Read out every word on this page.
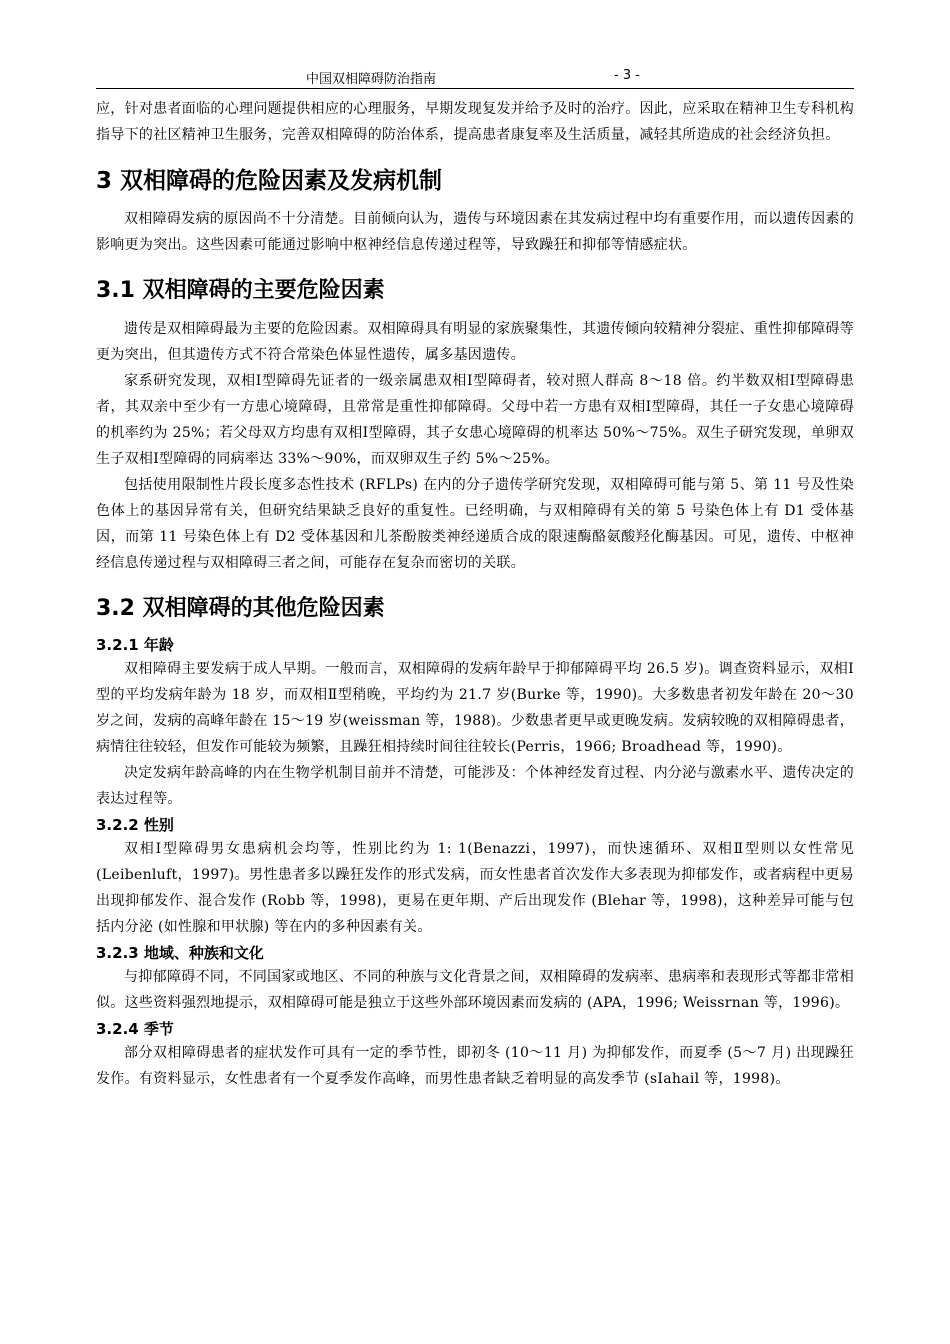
中国双相障碍防治指南	- 3 -

应，针对患者面临的心理问题提供相应的心理服务，早期发现复发并给予及时的治疗。因此，应采取在精神卫生专科机构指导下的社区精神卫生服务，完善双相障碍的防治体系，提高患者康复率及生活质量，减轻其所造成的社会经济负担。

3 双相障碍的危险因素及发病机制

双相障碍发病的原因尚不十分清楚。目前倾向认为，遗传与环境因素在其发病过程中均有重要作用，而以遗传因素的影响更为突出。这些因素可能通过影响中枢神经信息传递过程等，导致躁狂和抑郁等情感症状。

3.1 双相障碍的主要危险因素

遗传是双相障碍最为主要的危险因素。双相障碍具有明显的家族聚集性，其遗传倾向较精神分裂症、重性抑郁障碍等更为突出，但其遗传方式不符合常染色体显性遗传，属多基因遗传。

家系研究发现，双相Ⅰ型障碍先证者的一级亲属患双相Ⅰ型障碍者，较对照人群高 8～18 倍。约半数双相Ⅰ型障碍患者，其双亲中至少有一方患心境障碍，且常常是重性抑郁障碍。父母中若一方患有双相Ⅰ型障碍，其任一子女患心境障碍的机率约为 25%；若父母双方均患有双相Ⅰ型障碍，其子女患心境障碍的机率达 50%～75%。双生子研究发现，单卵双生子双相Ⅰ型障碍的同病率达 33%～90%，而双卵双生子约 5%～25%。

包括使用限制性片段长度多态性技术 (RFLPs) 在内的分子遗传学研究发现，双相障碍可能与第 5、第 11 号及性染色体上的基因异常有关，但研究结果缺乏良好的重复性。已经明确，与双相障碍有关的第 5 号染色体上有 D1 受体基因，而第 11 号染色体上有 D2 受体基因和儿茶酚胺类神经递质合成的限速酶酪氨酸羟化酶基因。可见，遗传、中枢神经信息传递过程与双相障碍三者之间，可能存在复杂而密切的关联。

3.2 双相障碍的其他危险因素
3.2.1 年龄

双相障碍主要发病于成人早期。一般而言，双相障碍的发病年龄早于抑郁障碍平均 26.5 岁)。调查资料显示，双相Ⅰ型的平均发病年龄为 18 岁，而双相Ⅱ型稍晚，平均约为 21.7 岁(Burke 等，1990)。大多数患者初发年龄在 20～30 岁之间，发病的高峰年龄在 15～19 岁(weissman 等，1988)。少数患者更早或更晚发病。发病较晚的双相障碍患者，病情往往较轻，但发作可能较为频繁，且躁狂相持续时间往往较长(Perris，1966; Broadhead 等，1990)。

决定发病年龄高峰的内在生物学机制目前并不清楚，可能涉及：个体神经发育过程、内分泌与激素水平、遗传决定的表达过程等。

3.2.2 性别

双相Ⅰ型障碍男女患病机会均等，性别比约为 1: 1(Benazzi，1997)，而快速循环、双相Ⅱ型则以女性常见(Leibenluft，1997)。男性患者多以躁狂发作的形式发病，而女性患者首次发作大多表现为抑郁发作，或者病程中更易出现抑郁发作、混合发作 (Robb 等，1998)，更易在更年期、产后出现发作 (Blehar 等，1998)，这种差异可能与包括内分泌 (如性腺和甲状腺) 等在内的多种因素有关。

3.2.3 地域、种族和文化

与抑郁障碍不同，不同国家或地区、不同的种族与文化背景之间，双相障碍的发病率、患病率和表现形式等都非常相似。这些资料强烈地提示，双相障碍可能是独立于这些外部环境因素而发病的 (APA，1996; Weissrnan 等，1996)。

3.2.4 季节

部分双相障碍患者的症状发作可具有一定的季节性，即初冬 (10～11 月) 为抑郁发作，而夏季 (5～7 月) 出现躁狂发作。有资料显示，女性患者有一个夏季发作高峰，而男性患者缺乏着明显的高发季节 (sIahail 等，1998)。
